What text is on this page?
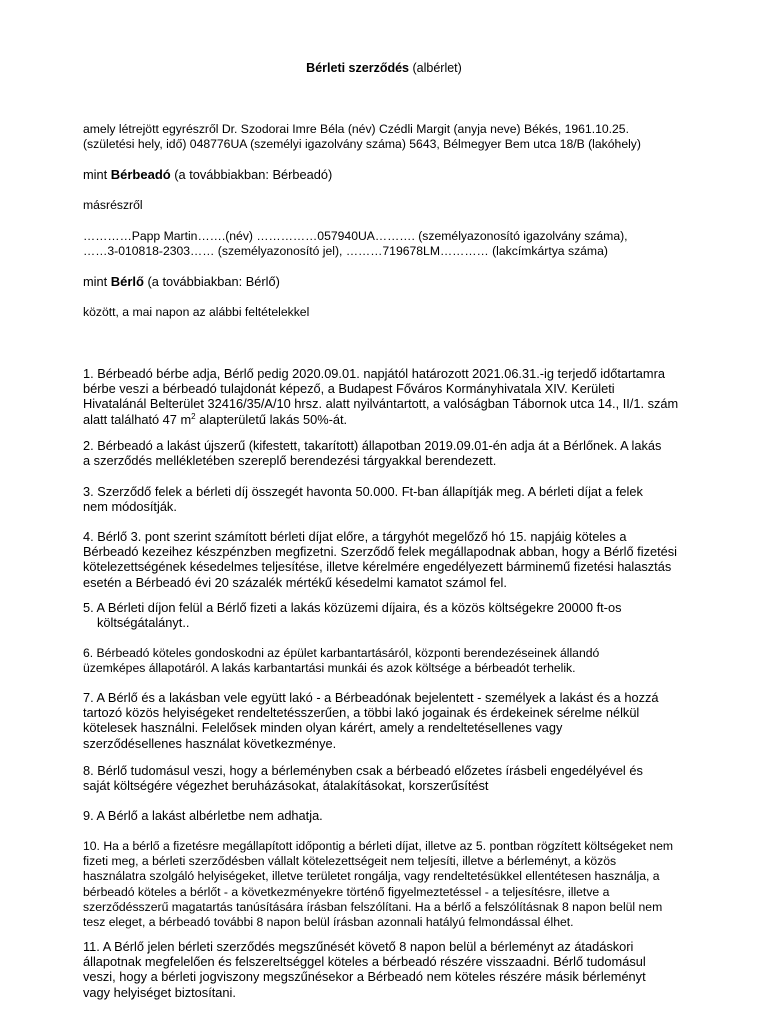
Bérleti szerződés (albérlet)
amely létrejött egyrészről Dr. Szodorai Imre Béla (név) Czédli Margit (anyja neve) Békés, 1961.10.25.
(születési hely, idő) 048776UA (személyi igazolvány száma) 5643, Bélmegyer Bem utca 18/B (lakóhely)
mint Bérbeadó (a továbbiakban: Bérbeadó)
másrészről
…………Papp Martin…….(név) ……………057940UA………. (személyazonosító igazolvány száma),
……3-010818-2303…… (személyazonosító jel), ………719678LM………… (lakcímkártya száma)
mint Bérlő (a továbbiakban: Bérlő)
között, a mai napon az alábbi feltételekkel
1. Bérbeadó bérbe adja, Bérlő pedig 2020.09.01. napjától határozott 2021.06.31.-ig terjedő időtartamra
bérbe veszi a bérbeadó tulajdonát képező, a Budapest Főváros Kormányhivatala XIV. Kerületi
Hivatalánál Belterület 32416/35/A/10 hrsz. alatt nyilvántartott, a valóságban Tábornok utca 14., II/1. szám
alatt található 47 $m^2$ alapterületű lakás 50%-át.
2. Bérbeadó a lakást újszerű (kifestett, takarított) állapotban 2019.09.01-én adja át a Bérlőnek. A lakás
a szerződés mellékletében szereplő berendezési tárgyakkal berendezett.
3. Szerződő felek a bérleti díj összegét havonta 50.000. Ft-ban állapítják meg. A bérleti díjat a felek
nem módosítják.
4. Bérlő 3. pont szerint számított bérleti díjat előre, a tárgyhót megelőző hó 15. napjáig köteles a
Bérbeadó kezeihez készpénzben megfizetni. Szerződő felek megállapodnak abban, hogy a Bérlő fizetési
kötelezettségének késedelmes teljesítése, illetve kérelmére engedélyezett bárminemű fizetési halasztás
esetén a Bérbeadó évi 20 százalék mértékű késedelmi kamatot számol fel.
5. A Bérleti díjon felül a Bérlő fizeti a lakás közüzemi díjaira, és a közös költségekre 20000 ft-os
költségátalányt..
6. Bérbeadó köteles gondoskodni az épület karbantartásáról, központi berendezéseinek állandó
üzemképes állapotáról. A lakás karbantartási munkái és azok költsége a bérbeadót terhelik.
7. A Bérlő és a lakásban vele együtt lakó - a Bérbeadónak bejelentett - személyek a lakást és a hozzá
tartozó közös helyiségeket rendeltetésszerűen, a többi lakó jogainak és érdekeinek sérelme nélkül
kötelesek használni. Felelősek minden olyan kárért, amely a rendeltetésellenes vagy
szerződésellenes használat következménye.
8. Bérlő tudomásul veszi, hogy a bérleményben csak a bérbeadó előzetes írásbeli engedélyével és
saját költségére végezhet beruházásokat, átalakításokat, korszerűsítést
9. A Bérlő a lakást albérletbe nem adhatja.
10. Ha a bérlő a fizetésre megállapított időpontig a bérleti díjat, illetve az 5. pontban rögzített költségeket nem
fizeti meg, a bérleti szerződésben vállalt kötelezettségeit nem teljesíti, illetve a bérleményt, a közös
használatra szolgáló helyiségeket, illetve területet rongálja, vagy rendeltetésükkel ellentétesen használja, a
bérbeadó köteles a bérlőt - a következményekre történő figyelmeztetéssel - a teljesítésre, illetve a
szerződésszerű magatartás tanúsítására írásban felszólítani. Ha a bérlő a felszólításnak 8 napon belül nem
tesz eleget, a bérbeadó további 8 napon belül írásban azonnali hatályú felmondással élhet.
11. A Bérlő jelen bérleti szerződés megszűnését követő 8 napon belül a bérleményt az átadáskori
állapotnak megfelelően és felszereltséggel köteles a bérbeadó részére visszaadni. Bérlő tudomásul
veszi, hogy a bérleti jogviszony megszűnésekor a Bérbeadó nem köteles részére másik bérleményt
vagy helyiséget biztosítani.
